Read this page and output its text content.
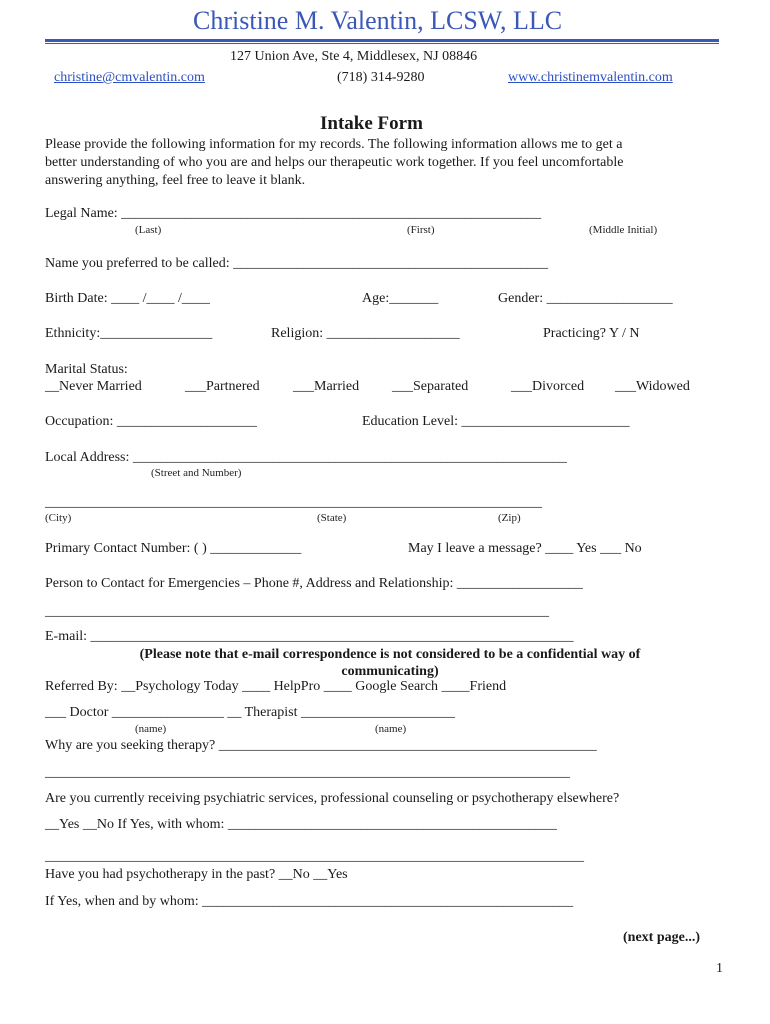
Christine M. Valentin, LCSW, LLC
127 Union Ave, Ste 4, Middlesex, NJ 08846
christine@cmvalentin.com	(718) 314-9280	www.christinemvalentin.com
Intake Form
Please provide the following information for my records. The following information allows me to get a
better understanding of who you are and helps our therapeutic work together. If you feel uncomfortable
answering anything, feel free to leave it blank.
Legal Name: ____________________________________________________________
(Last)	(First)	(Middle Initial)
Name you preferred to be called: _____________________________________________
Birth Date: ____ /____ /____	Age:_______	Gender: __________________
Ethnicity:________________	Religion: ___________________	Practicing? Y / N
Marital Status:
__Never Married	___Partnered ___Married ___Separated	___Divorced ___Widowed
Occupation: ____________________	Education Level: ________________________
Local Address: ______________________________________________________________
(Street and Number)
_______________________________________________________________________
(City)	(State)	(Zip)
Primary Contact Number: ( ) _____________	May I leave a message? ____ Yes ___ No
Person to Contact for Emergencies – Phone #, Address and Relationship: __________________
________________________________________________________________________
E-mail: _____________________________________________________________________
(Please note that e-mail correspondence is not considered to be a confidential way of
communicating)
Referred By: __Psychology Today ____ HelpPro ____ Google Search ____Friend
___ Doctor ________________ __ Therapist ______________________
(name)	(name)
Why are you seeking therapy? ______________________________________________________
___________________________________________________________________________
Are you currently receiving psychiatric services, professional counseling or psychotherapy elsewhere?
__Yes __No If Yes, with whom: _______________________________________________
_____________________________________________________________________________
Have you had psychotherapy in the past? __No __Yes
If Yes, when and by whom: _____________________________________________________
(next page...)
1
